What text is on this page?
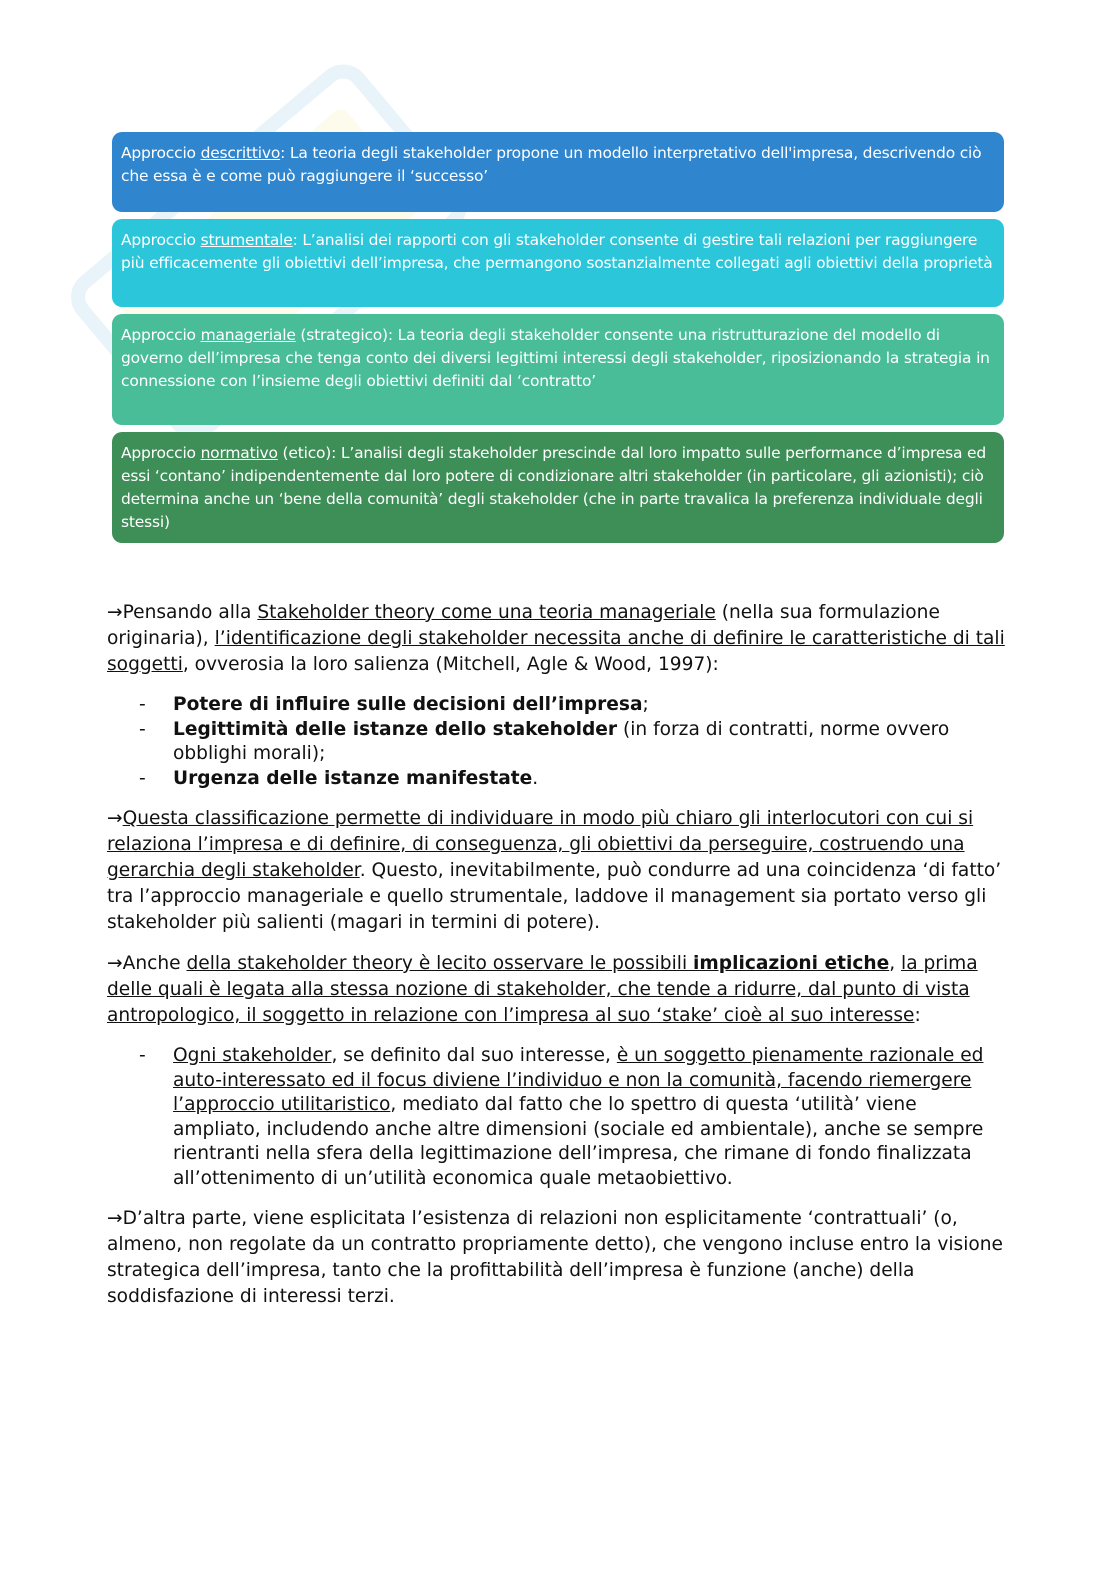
Approccio descrittivo: La teoria degli stakeholder propone un modello interpretativo dell'impresa, descrivendo ciò che essa è e come può raggiungere il ‘successo’
Approccio strumentale: L’analisi dei rapporti con gli stakeholder consente di gestire tali relazioni per raggiungere più efficacemente gli obiettivi dell’impresa, che permangono sostanzialmente collegati agli obiettivi della proprietà
Approccio manageriale (strategico): La teoria degli stakeholder consente una ristrutturazione del modello di governo dell’impresa che tenga conto dei diversi legittimi interessi degli stakeholder, riposizionando la strategia in connessione con l’insieme degli obiettivi definiti dal ‘contratto’
Approccio normativo (etico): L’analisi degli stakeholder prescinde dal loro impatto sulle performance d’impresa ed essi ‘contano’ indipendentemente dal loro potere di condizionare altri stakeholder (in particolare, gli azionisti); ciò determina anche un ‘bene della comunità’ degli stakeholder (che in parte travalica la preferenza individuale degli stessi)

→Pensando alla Stakeholder theory come una teoria manageriale (nella sua formulazione originaria), l’identificazione degli stakeholder necessita anche di definire le caratteristiche di tali soggetti, ovverosia la loro salienza (Mitchell, Agle & Wood, 1997):

- Potere di influire sulle decisioni dell’impresa;
- Legittimità delle istanze dello stakeholder (in forza di contratti, norme ovvero obblighi morali);
- Urgenza delle istanze manifestate.

→Questa classificazione permette di individuare in modo più chiaro gli interlocutori con cui si relaziona l’impresa e di definire, di conseguenza, gli obiettivi da perseguire, costruendo una gerarchia degli stakeholder. Questo, inevitabilmente, può condurre ad una coincidenza ‘di fatto’ tra l’approccio manageriale e quello strumentale, laddove il management sia portato verso gli stakeholder più salienti (magari in termini di potere).

→Anche della stakeholder theory è lecito osservare le possibili implicazioni etiche, la prima delle quali è legata alla stessa nozione di stakeholder, che tende a ridurre, dal punto di vista antropologico, il soggetto in relazione con l’impresa al suo ‘stake’ cioè al suo interesse:

- Ogni stakeholder, se definito dal suo interesse, è un soggetto pienamente razionale ed auto-interessato ed il focus diviene l’individuo e non la comunità, facendo riemergere l’approccio utilitaristico, mediato dal fatto che lo spettro di questa ‘utilità’ viene ampliato, includendo anche altre dimensioni (sociale ed ambientale), anche se sempre rientranti nella sfera della legittimazione dell’impresa, che rimane di fondo finalizzata all’ottenimento di un’utilità economica quale metaobiettivo.

→D’altra parte, viene esplicitata l’esistenza di relazioni non esplicitamente ‘contrattuali’ (o, almeno, non regolate da un contratto propriamente detto), che vengono incluse entro la visione strategica dell’impresa, tanto che la profittabilità dell’impresa è funzione (anche) della soddisfazione di interessi terzi.
